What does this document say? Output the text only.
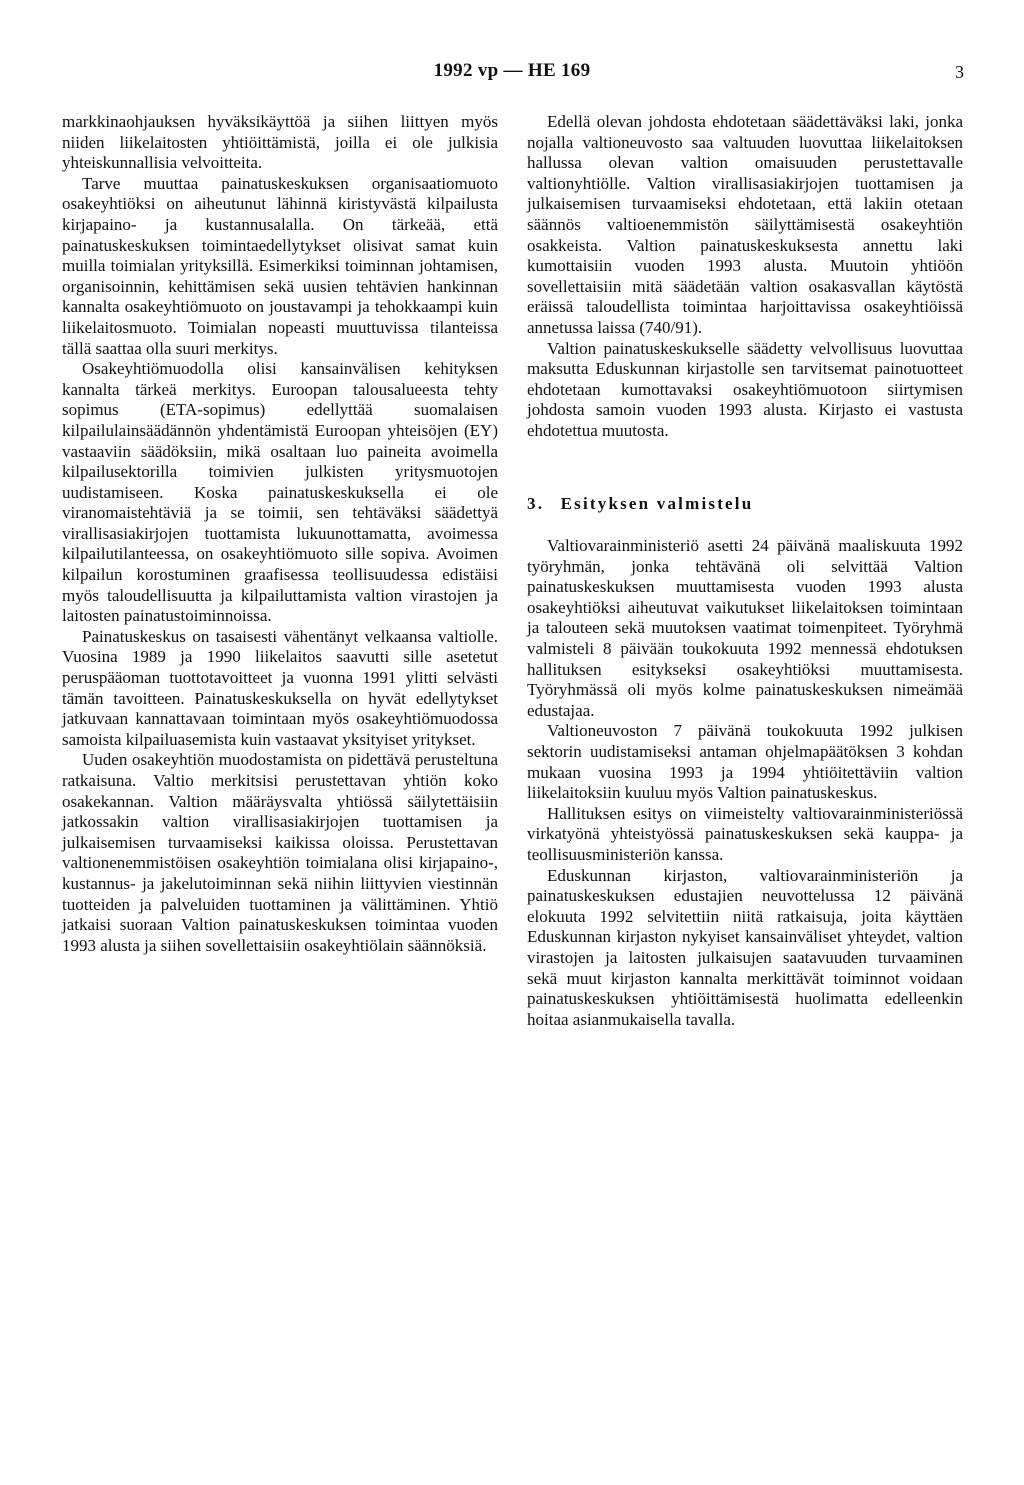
1992 vp — HE 169	3

markkinaohjauksen hyväksikäyttöä ja siihen liittyen myös niiden liikelaitosten yhtiöittämistä, joilla ei ole julkisia yhteiskunnallisia velvoitteita.

Tarve muuttaa painatuskeskuksen organisaatiomuoto osakeyhtiöksi on aiheutunut lähinnä kiristyvästä kilpailusta kirjapaino- ja kustannusalalla. On tärkeää, että painatuskeskuksen toimintaedellytykset olisivat samat kuin muilla toimialan yrityksillä. Esimerkiksi toiminnan johtamisen, organisoinnin, kehittämisen sekä uusien tehtävien hankinnan kannalta osakeyhtiömuoto on joustavampi ja tehokkaampi kuin liikelaitosmuoto. Toimialan nopeasti muuttuvissa tilanteissa tällä saattaa olla suuri merkitys.

Osakeyhtiömuodolla olisi kansainvälisen kehityksen kannalta tärkeä merkitys. Euroopan talousalueesta tehty sopimus (ETA-sopimus) edellyttää suomalaisen kilpailulainsäädännön yhdentämistä Euroopan yhteisöjen (EY) vastaaviin säädöksiin, mikä osaltaan luo paineita avoimella kilpailusektorilla toimivien julkisten yritysmuotojen uudistamiseen. Koska painatuskeskuksella ei ole viranomaistehtäviä ja se toimii, sen tehtäväksi säädettyä virallisasiakirjojen tuottamista lukuunottamatta, avoimessa kilpailutilanteessa, on osakeyhtiömuoto sille sopiva. Avoimen kilpailun korostuminen graafisessa teollisuudessa edistäisi myös taloudellisuutta ja kilpailuttamista valtion virastojen ja laitosten painatustoiminnoissa.

Painatuskeskus on tasaisesti vähentänyt velkaansa valtiolle. Vuosina 1989 ja 1990 liikelaitos saavutti sille asetetut peruspääoman tuottotavoitteet ja vuonna 1991 ylitti selvästi tämän tavoitteen. Painatuskeskuksella on hyvät edellytykset jatkuvaan kannattavaan toimintaan myös osakeyhtiömuodossa samoista kilpailuasemista kuin vastaavat yksityiset yritykset.

Uuden osakeyhtiön muodostamista on pidettävä perusteltuna ratkaisuna. Valtio merkitsisi perustettavan yhtiön koko osakekannan. Valtion määräysvalta yhtiössä säilytettäisiin jatkossakin valtion virallisasiakirjojen tuottamisen ja julkaisemisen turvaamiseksi kaikissa oloissa. Perustettavan valtionenemmistöisen osakeyhtiön toimialana olisi kirjapaino-, kustannus- ja jakelutoiminnan sekä niihin liittyvien viestinnän tuotteiden ja palveluiden tuottaminen ja välittäminen. Yhtiö jatkaisi suoraan Valtion painatuskeskuksen toimintaa vuoden 1993 alusta ja siihen sovellettaisiin osakeyhtiölain säännöksiä.

Edellä olevan johdosta ehdotetaan säädettäväksi laki, jonka nojalla valtioneuvosto saa valtuuden luovuttaa liikelaitoksen hallussa olevan valtion omaisuuden perustettavalle valtionyhtiölle. Valtion virallisasiakirjojen tuottamisen ja julkaisemisen turvaamiseksi ehdotetaan, että lakiin otetaan säännös valtioenemmistön säilyttämisestä osakeyhtiön osakkeista. Valtion painatuskeskuksesta annettu laki kumottaisiin vuoden 1993 alusta. Muutoin yhtiöön sovellettaisiin mitä säädetään valtion osakasvallan käytöstä eräissä taloudellista toimintaa harjoittavissa osakeyhtiöissä annetussa laissa (740/91).

Valtion painatuskeskukselle säädetty velvollisuus luovuttaa maksutta Eduskunnan kirjastolle sen tarvitsemat painotuotteet ehdotetaan kumottavaksi osakeyhtiömuotoon siirtymisen johdosta samoin vuoden 1993 alusta. Kirjasto ei vastusta ehdotettua muutosta.

3. Esityksen valmistelu

Valtiovarainministeriö asetti 24 päivänä maaliskuuta 1992 työryhmän, jonka tehtävänä oli selvittää Valtion painatuskeskuksen muuttamisesta vuoden 1993 alusta osakeyhtiöksi aiheutuvat vaikutukset liikelaitoksen toimintaan ja talouteen sekä muutoksen vaatimat toimenpiteet. Työryhmä valmisteli 8 päivään toukokuuta 1992 mennessä ehdotuksen hallituksen esitykseksi osakeyhtiöksi muuttamisesta. Työryhmässä oli myös kolme painatuskeskuksen nimeämää edustajaa.

Valtioneuvoston 7 päivänä toukokuuta 1992 julkisen sektorin uudistamiseksi antaman ohjelmapäätöksen 3 kohdan mukaan vuosina 1993 ja 1994 yhtiöitettäviin valtion liikelaitoksiin kuuluu myös Valtion painatuskeskus.

Hallituksen esitys on viimeistelty valtiovarainministeriössä virkatyönä yhteistyössä painatuskeskuksen sekä kauppa- ja teollisuusministeriön kanssa.

Eduskunnan kirjaston, valtiovarainministeriön ja painatuskeskuksen edustajien neuvottelussa 12 päivänä elokuuta 1992 selvitettiin niitä ratkaisuja, joita käyttäen Eduskunnan kirjaston nykyiset kansainväliset yhteydet, valtion virastojen ja laitosten julkaisujen saatavuuden turvaaminen sekä muut kirjaston kannalta merkittävät toiminnot voidaan painatuskeskuksen yhtiöittämisestä huolimatta edelleenkin hoitaa asianmukaisella tavalla.
